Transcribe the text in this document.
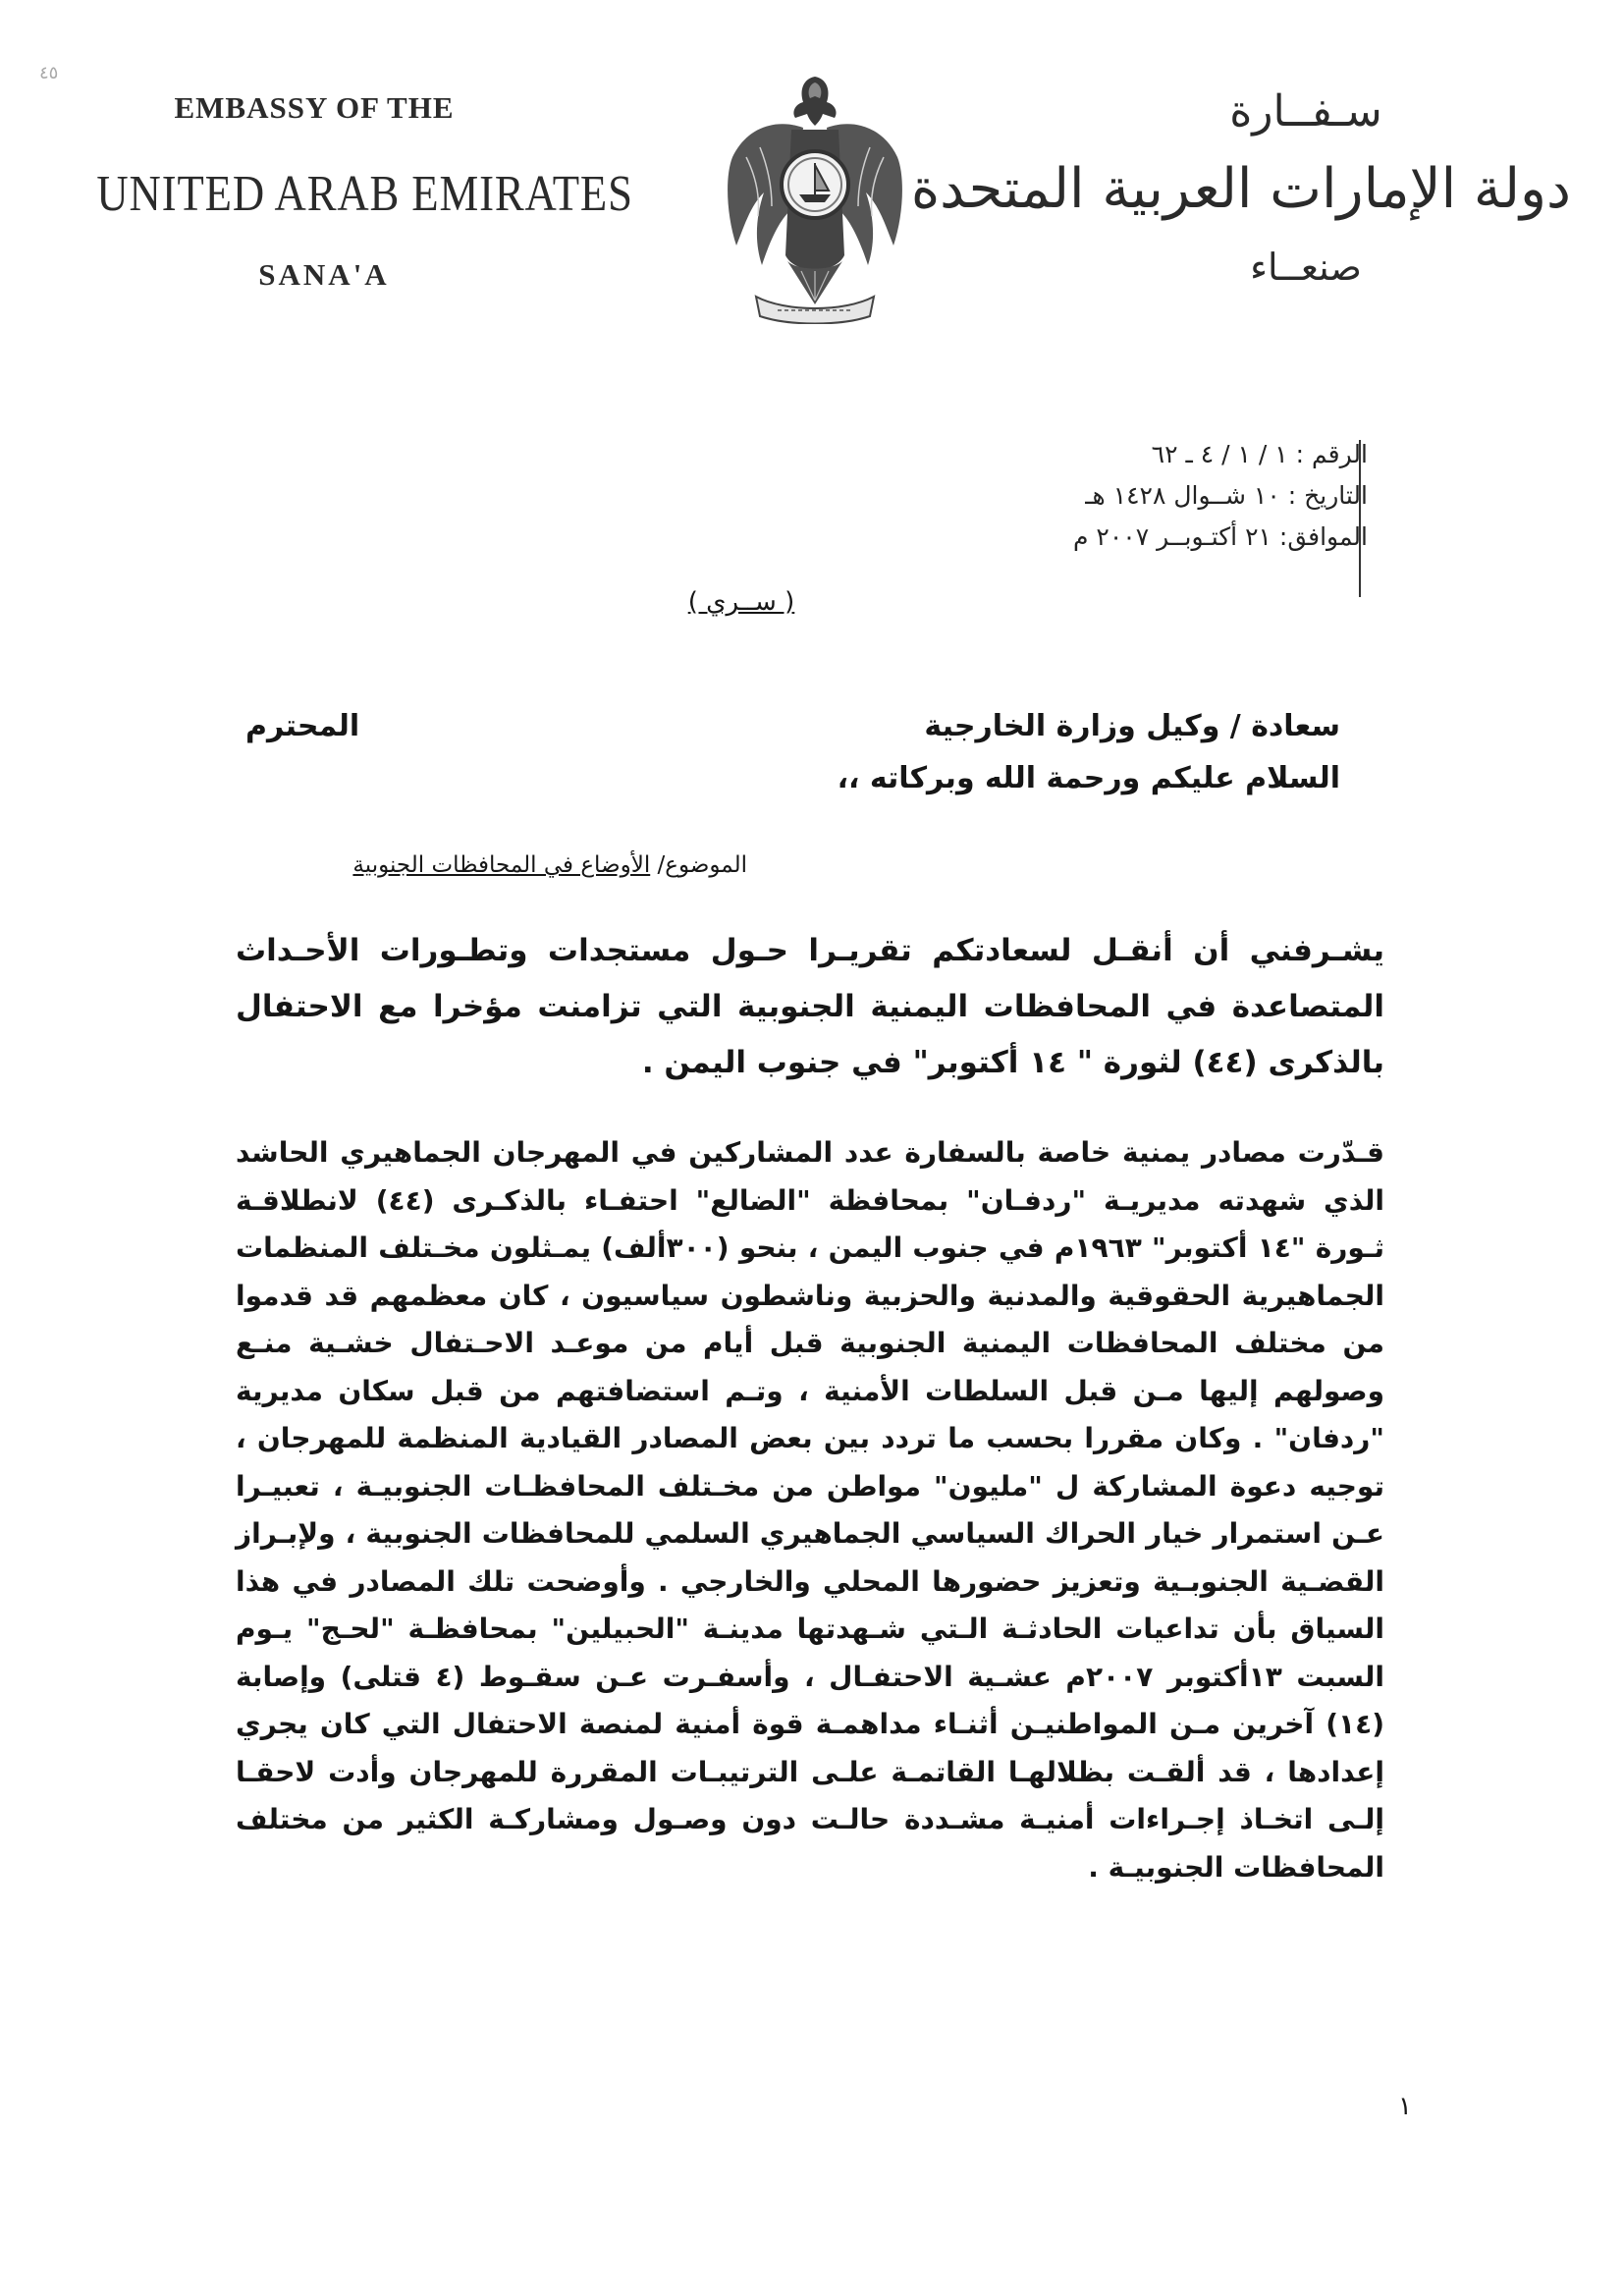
٤٥
EMBASSY OF THE
UNITED ARAB EMIRATES
SANA'A
سـفــارة
دولة الإمارات العربية المتحدة
صنعــاء
الرقم : ١ / ١ / ٤ ـ ٦٢
التاريخ : ١٠ شــوال ١٤٢٨ هـ
الموافق: ٢١ أكتـوبــر ٢٠٠٧ م
( ســري )
سعادة / وكيل وزارة الخارجية
المحترم
السلام عليكم ورحمة الله وبركاته ،،
الموضوع/ الأوضاع في المحافظات الجنوبية
يشـرفني أن أنقـل لسعادتكم تقريـرا حـول مستجدات وتطـورات الأحـداث المتصاعدة في المحافظات اليمنية الجنوبية التي تزامنت مؤخرا مع الاحتفال بالذكرى (٤٤) لثورة " ١٤ أكتوبر" في جنوب اليمن .
قـدّرت مصادر يمنية خاصة بالسفارة عدد المشاركين في المهرجان الجماهيري الحاشد الذي شهدته مديريـة "ردفـان" بمحافظة "الضالع" احتفـاء بالذكـرى (٤٤) لانطلاقـة ثـورة "١٤ أكتوبر" ١٩٦٣م في جنوب اليمن ، بنحو (٣٠٠ألف) يمـثلون مخـتلف المنظمات الجماهيرية الحقوقية والمدنية والحزبية وناشطون سياسيون ، كان معظمهم قد قدموا من مختلف المحافظات اليمنية الجنوبية قبل أيام من موعـد الاحـتفال خشـية منـع وصولهم إليها مـن قبل السلطات الأمنية ، وتـم استضافتهم من قبل سكان مديرية "ردفان" . وكان مقررا بحسب ما تردد بين بعض المصادر القيادية المنظمة للمهرجان ، توجيه دعوة المشاركة ل "مليون" مواطن من مخـتلف المحافظـات الجنوبيـة ، تعبيـرا عـن استمرار خيار الحراك السياسي الجماهيري السلمي للمحافظات الجنوبية ، ولإبـراز القضـية الجنوبـية وتعزيز حضورها المحلي والخارجي . وأوضحت تلك المصادر في هذا السياق بأن تداعيات الحادثـة الـتي شـهدتها مدينـة "الحبيلين" بمحافظـة "لحـج" يـوم السبت ١٣أكتوبر ٢٠٠٧م عشـية الاحتفـال ، وأسفـرت عـن سقـوط (٤ قتلى) وإصابة (١٤) آخرين مـن المواطنيـن أثنـاء مداهمـة قوة أمنية لمنصة الاحتفال التي كان يجري إعدادها ، قد ألقـت بظلالهـا القاتمـة علـى الترتيبـات المقررة للمهرجان وأدت لاحقـا إلـى اتخـاذ إجـراءات أمنيـة مشـددة حالـت دون وصـول ومشاركـة الكثير من مختلف المحافظات الجنوبيـة .
١
